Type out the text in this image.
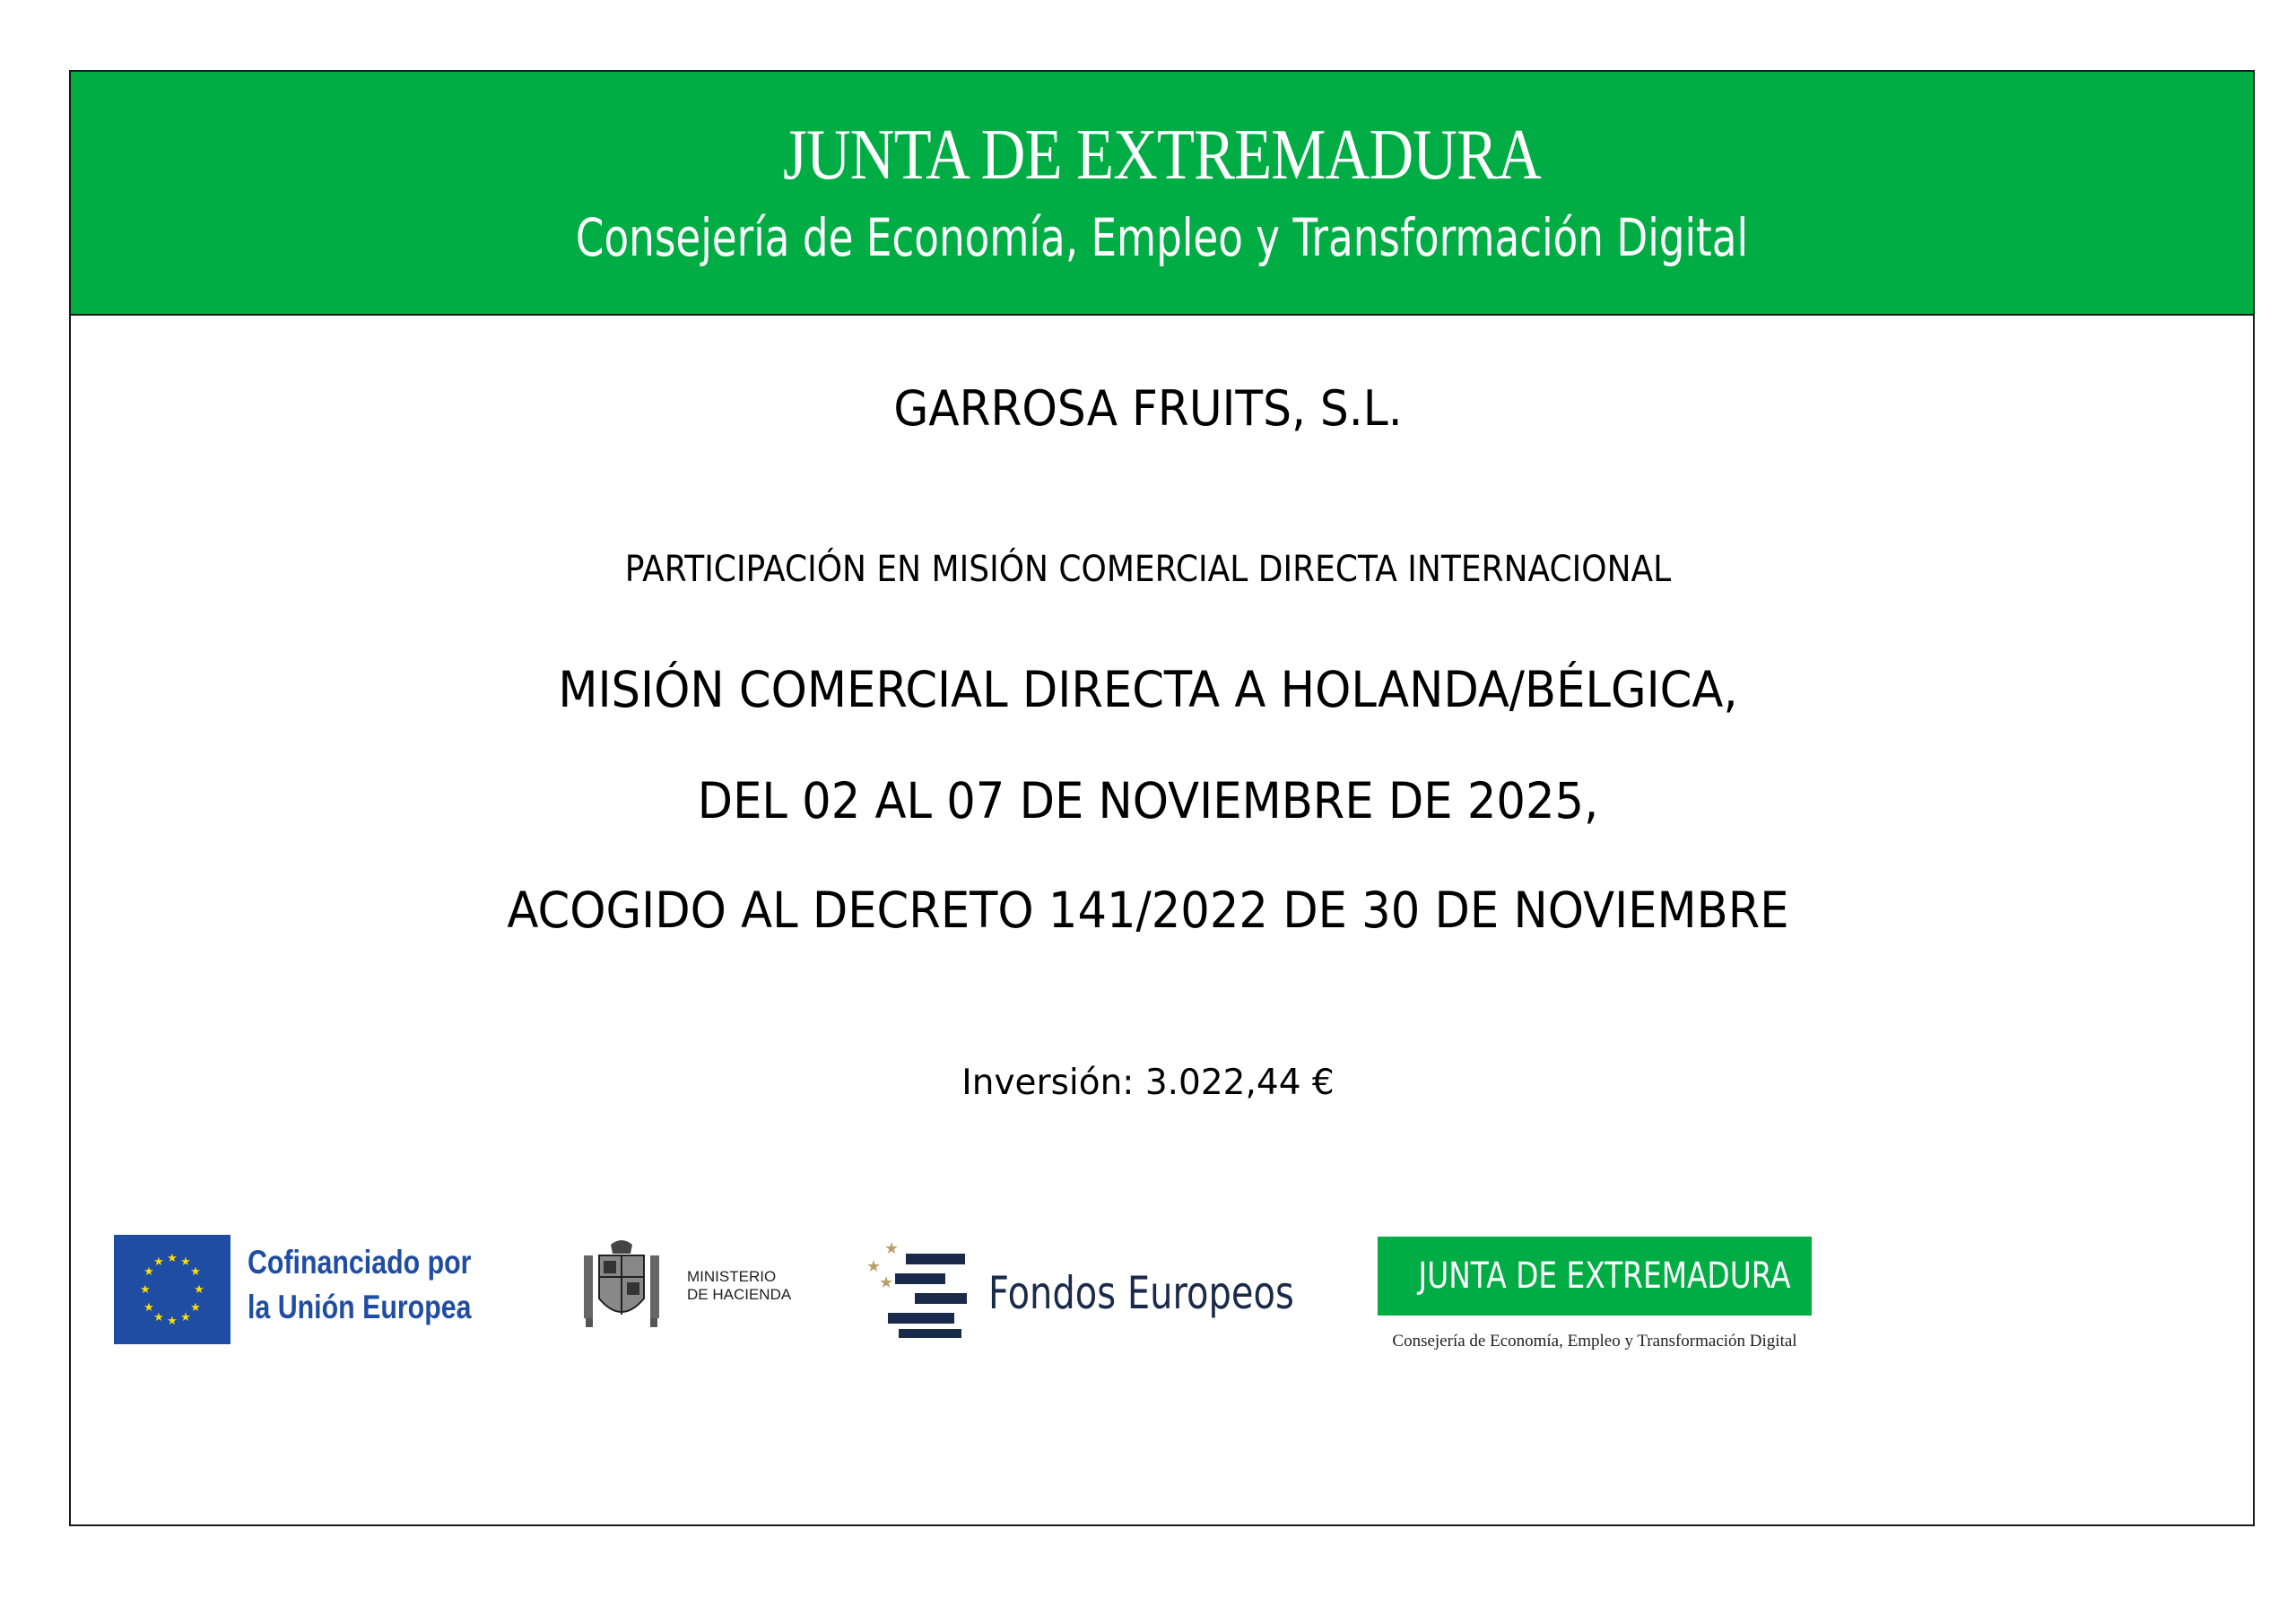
JUNTA DE EXTREMADURA
Consejería de Economía, Empleo y Transformación Digital
GARROSA FRUITS, S.L.
PARTICIPACIÓN EN MISIÓN COMERCIAL DIRECTA INTERNACIONAL
MISIÓN COMERCIAL DIRECTA A HOLANDA/BÉLGICA,
DEL 02 AL 07 DE NOVIEMBRE DE 2025,
ACOGIDO AL DECRETO 141/2022 DE 30 DE NOVIEMBRE
Inversión: 3.022,44 €
★ ★
★
★
★
★
★
★
★
★
★
★	Cofinanciado por
la Unión Europea
MINISTERIO
DE HACIENDA
★
★
★ Fondos Europeos	JUNTA DE EXTREMADURA
Consejería de Economía, Empleo y Transformación Digital
